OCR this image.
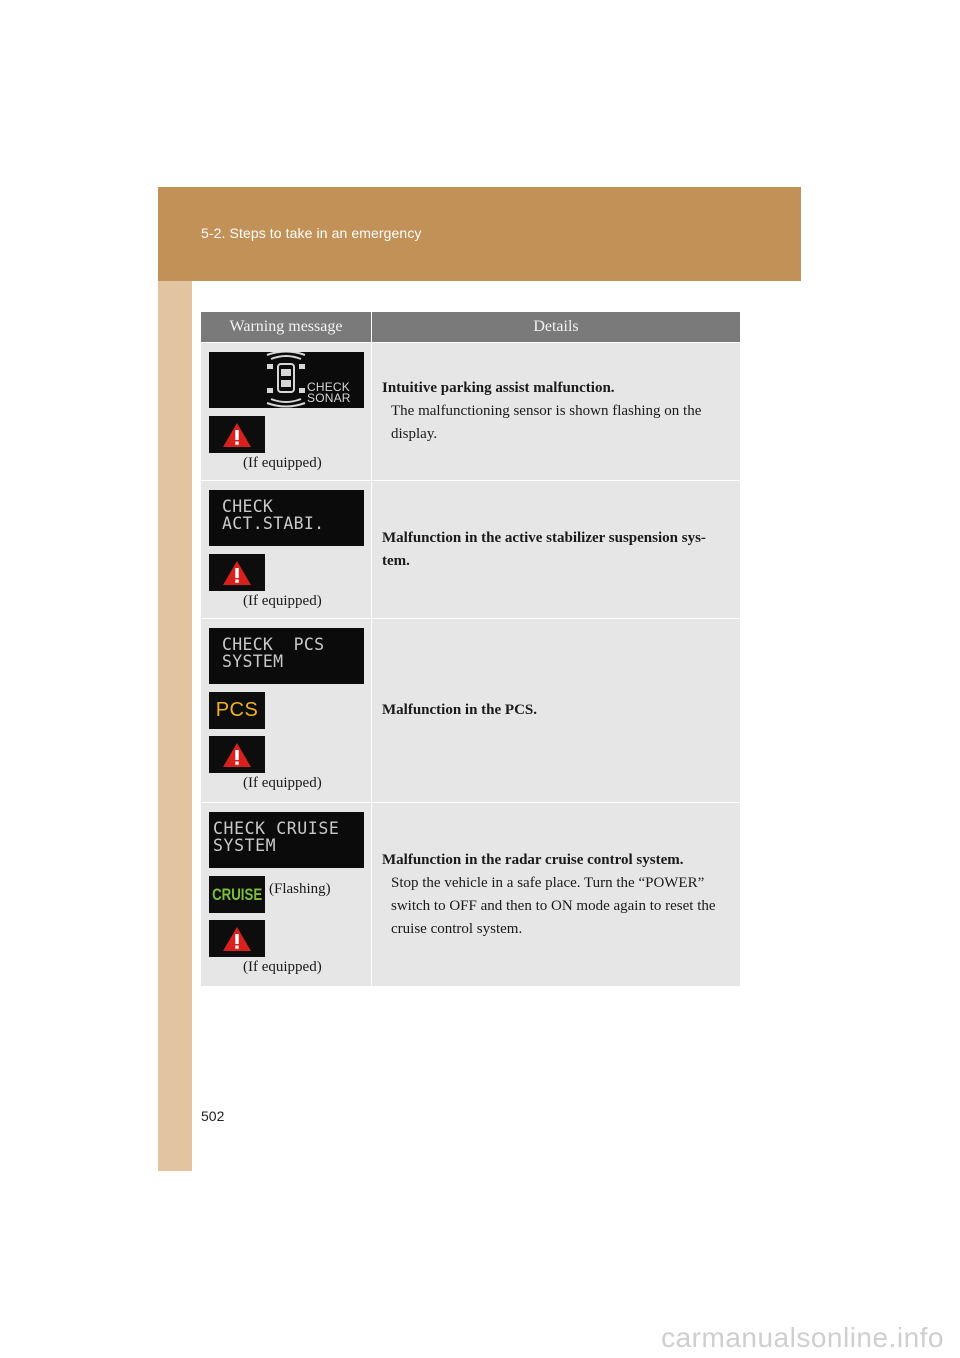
5-2. Steps to take in an emergency
Warning message	Details
CHECK
SONAR
(If equipped)
Intuitive parking assist malfunction.
The malfunctioning sensor is shown flashing on the display.
CHECK
ACT.STABI.
(If equipped)
Malfunction in the active stabilizer suspension sys-tem.
CHECK  PCS
SYSTEM
PCS
(If equipped)
Malfunction in the PCS.
CHECK CRUISE
SYSTEM
CRUISE (Flashing)
(If equipped)
Malfunction in the radar cruise control system.
Stop the vehicle in a safe place. Turn the “POWER” switch to OFF and then to ON mode again to reset the cruise control system.
502
carmanualsonline.info
